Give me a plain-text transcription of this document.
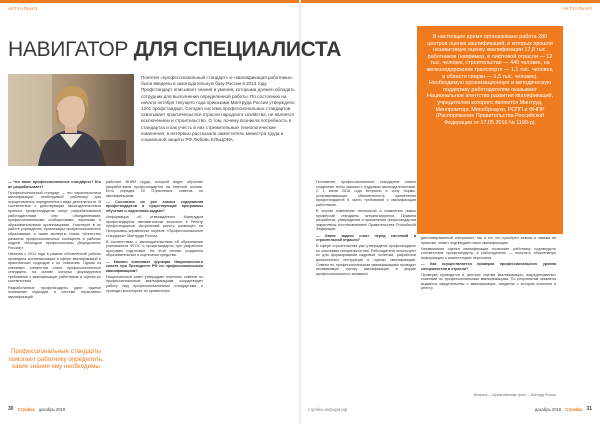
АКТУАЛЬНО	АКТУАЛЬНО
НАВИГАТОР ДЛЯ СПЕЦИАЛИСТА

Понятия «профессиональный стандарт» и «квалификация работника» были введены в законодательную базу России в 2013 году. Профстандарт описывает знания и умения, которыми должен обладать сотрудник для выполнения определенной работы. По состоянию на начало октября текущего года приказами Минтруда России утверждено 1201 профстандарт. Сегодня система профессиональных стандартов охватывает практически все отрасли народного хозяйства, не является исключением и строительство. О том, почему возникла потребность в стандартах и как учесть в них стремительные технологические изменения, в интервью рассказала заместитель министра труда и социальной защиты РФ Любовь ЕЛЬЦОВА.

— Что такое профессиональные стандарты? Кто их разрабатывает?

Профессиональный стандарт — это характеристика квалификации, необходимой работнику для осуществления определенного вида деятельности. В соответствии с действующим законодательством проекты профстандартов могут разрабатываться работодателями или объединениями, профессиональными сообществами, научными и образовательными организациями. Участвуют в их работе учреждения, организации профессионального образования, а также эксперты союза «Агентство развития профессиональных сообществ и рабочих кадров «Молодые профессионалы (Ворлдскиллс Россия)».

Начиная с 2014 года в рамках обновлённой работы проведена систематизация в сфере квалификаций и практических подходов к их описанию. Одним из ключевых элементов стали профессиональные стандарты, на основе которых формируются требования к квалификации работников и оценка их соответствия.

Разработанные профстандарты дают единое понимание подходов в системе отраслевых квалификаций.

Профессиональные стандарты помогают работнику определить, какие знания ему необходимы

работает ВНИИ труда, который ведет обучение разработчиков профстандартов на платной основе. Есть порядка 20 Отраслевых советов по квалификациям.

— Состоялся ли уже анализ содержания профстандартов и существующие программы обучения и подготовки кадров?

Информация об утверждённых Минтрудом профстандартах автоматически вносится в Реестр профстандартов. Актуальный реестр размещён на Программно-справочном портале «Профессиональные стандарты» Минтруда России.

В соответствии с законодательством об образовании учитываются ФГОС и профстандарты при разработке программ подготовки. На этой основе создаются образовательные и оценочные средства.

— Каковы ключевые функции Национального совета при Президенте РФ по профессиональным квалификациям?

Национальный совет утверждает перечень советов по профессиональным квалификациям, координирует работу над профессиональными стандартами и проводит мониторинг их применения.

Положение профессиональных стандартов нового созданных тесно связано с трудовым законодательством. С 1 июля 2016 года вступили в силу нормы, устанавливающие обязательность применения профстандартов в части требований к квалификации работников.

В случае изменения технологий и появления новых профессий стандарты актуализируются. Правила разработки, утверждения и применения профстандартов закреплены постановлением Правительства Российской Федерации.

— Какие задачи стоят перед системой в строительной отрасли?

В сфере строительства уже утверждены профстандарты по ключевым специальностям. Работодатели используют их для формирования кадровой политики, разработки должностных инструкций и оценки квалификации. Советы по профессиональным квалификациям проводят независимую оценку квалификации в форме профессионального экзамена.

В настоящее время организовано работа 280 центров оценки квалификаций, в которых прошли независимую оценку квалификации 17,8 тыс. работников (например, в лифтовой отрасли — 12 тыс. человек, строительстве — 440 человек, на железнодорожном транспорте — 1,1 тыс. человек, в области сварки — 1,5 тыс. человек). Необходимую организационную и методическую поддержку работодателям оказывает Национальное агентство развития квалификаций, учредителем которого являются Минтруд, Минпромторг, Минобрнауки, РСПП и ФНПР (Распоряжение Правительства Российской Федерации от 17.05.2016 № 1199-р).

дипломированный специалист, так и тот, кто приобрёл знания и навыки на практике, может подтвердить свою квалификацию.

Независимая оценка квалификации позволяет работнику подтвердить соответствие профстандарту, а работодателю — получить объективную информацию о компетенциях персонала.

— Как осуществляется проверка профессионального уровня специалистов в отрасли?

Проверка проводится в центрах оценки квалификации, аккредитованных советами по профессиональным квалификациям. По результатам экзамена выдаётся свидетельство о квалификации, сведения о котором вносятся в реестр.

Вопросы — Ирина Иванова, фото — Минтруд России
30 Стройка декабрь 2018	стройка-информ.рф	декабрь 2018 Стройка 31
